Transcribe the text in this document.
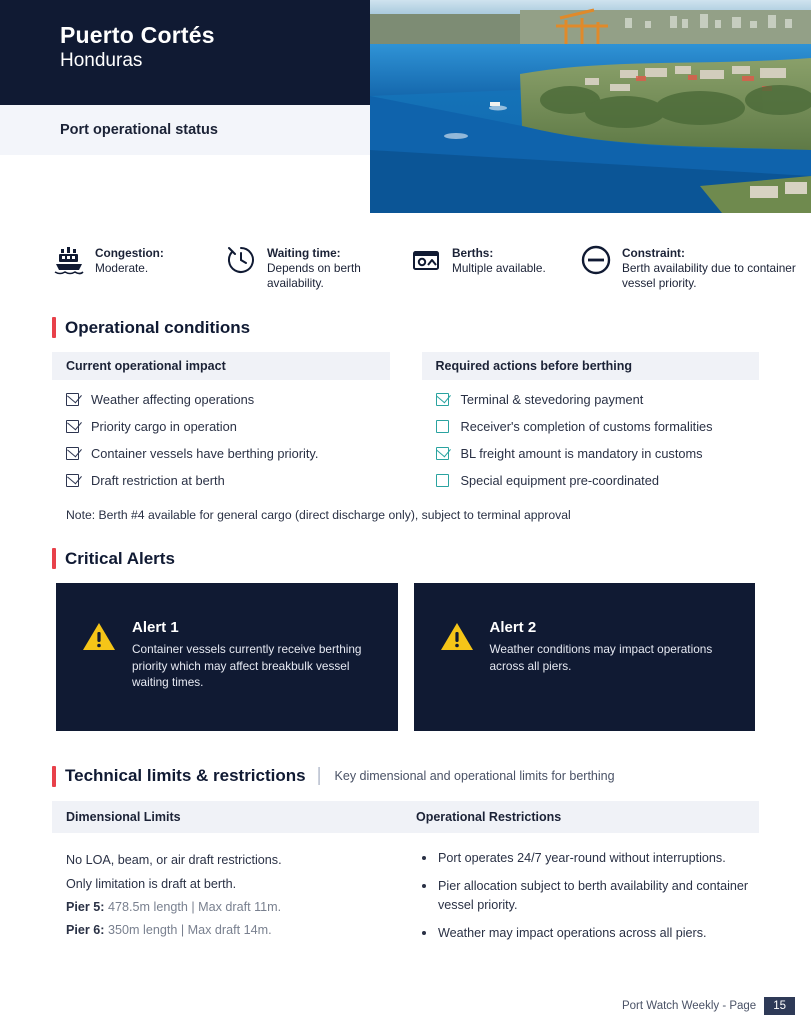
Puerto Cortés
Honduras
Port operational status
Congestion:
Moderate.
Waiting time:
Depends on berth availability.
Berths:
Multiple available.
Constraint:
Berth availability due to container vessel priority.
Operational conditions
Current operational impact
Weather affecting operations
Priority cargo in operation
Container vessels have berthing priority.
Draft restriction at berth
Required actions before berthing
Terminal & stevedoring payment
Receiver's completion of customs formalities
BL freight amount is mandatory in customs
Special equipment pre-coordinated
Note: Berth #4 available for general cargo (direct discharge only), subject to terminal approval
Critical Alerts
Alert 1
Container vessels currently receive berthing priority which may affect breakbulk vessel waiting times.
Alert 2
Weather conditions may impact operations across all piers.
Technical limits & restrictions | Key dimensional and operational limits for berthing
Dimensional Limits	Operational Restrictions
No LOA, beam, or air draft restrictions.
Only limitation is draft at berth.
Pier 5: 478.5m length | Max draft 11m.
Pier 6: 350m length | Max draft 14m.
Port operates 24/7 year-round without interruptions.
Pier allocation subject to berth availability and container vessel priority.
Weather may impact operations across all piers.
Port Watch Weekly - Page	15
